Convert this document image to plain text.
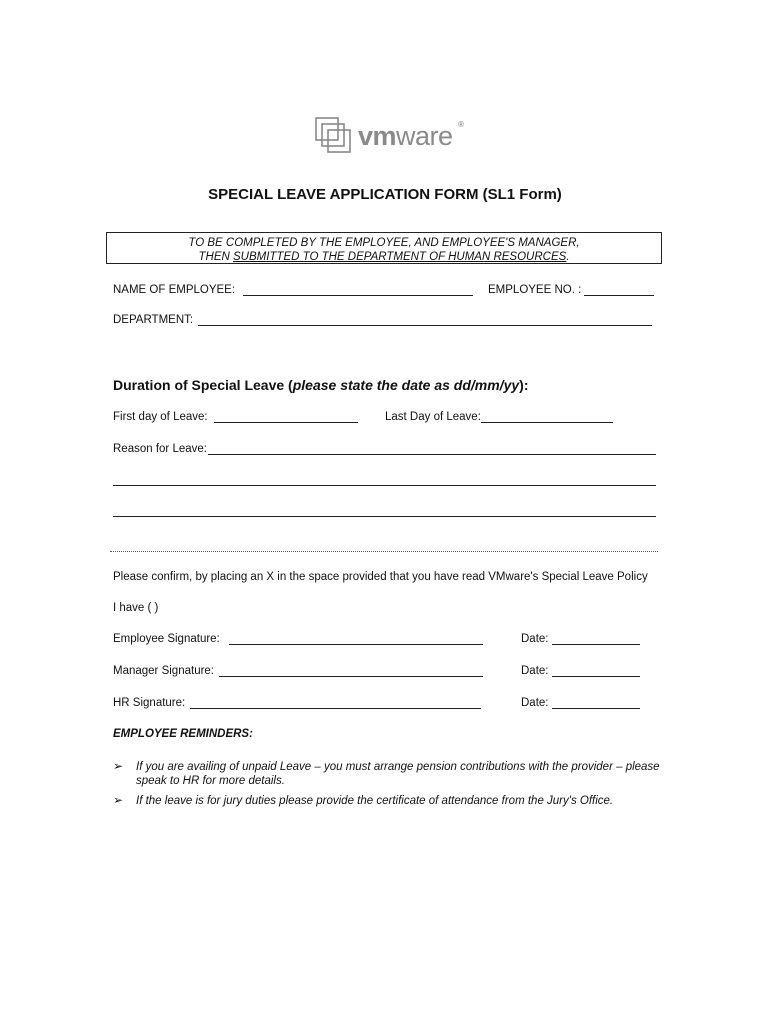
vmware ®
SPECIAL LEAVE APPLICATION FORM (SL1 Form)
TO BE COMPLETED BY THE EMPLOYEE, AND EMPLOYEE'S MANAGER,
THEN SUBMITTED TO THE DEPARTMENT OF HUMAN RESOURCES.
NAME OF EMPLOYEE:	EMPLOYEE NO. :
DEPARTMENT:
Duration of Special Leave (please state the date as dd/mm/yy):
First day of Leave:	Last Day of Leave:
Reason for Leave:
Please confirm, by placing an X in the space provided that you have read VMware's Special Leave Policy
I have ( )
Employee Signature:	Date:
Manager Signature:	Date:
HR Signature:	Date:
EMPLOYEE REMINDERS:
➢ If you are availing of unpaid Leave – you must arrange pension contributions with the provider – please
speak to HR for more details.
➢ If the leave is for jury duties please provide the certificate of attendance from the Jury's Office.
